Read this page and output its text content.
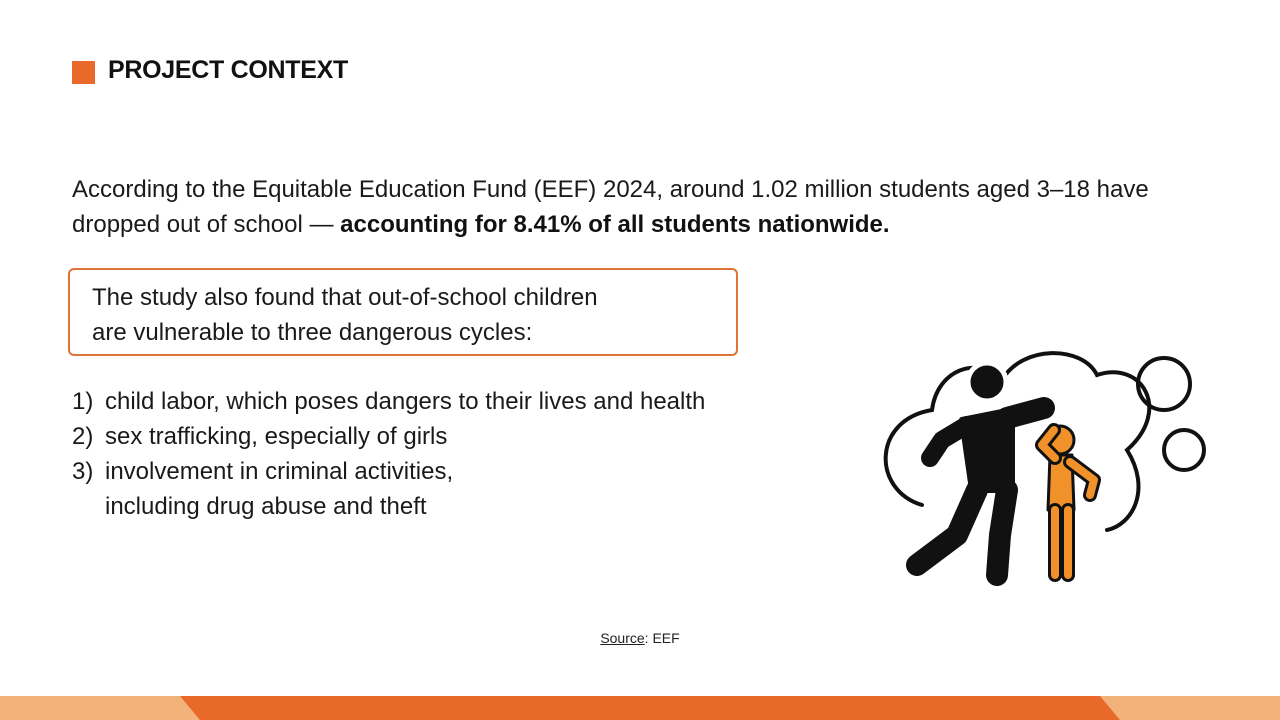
PROJECT CONTEXT
According to the Equitable Education Fund (EEF) 2024, around 1.02 million students aged 3–18 have dropped out of school — accounting for 8.41% of all students nationwide.
The study also found that out-of-school children
are vulnerable to three dangerous cycles:
1) child labor, which poses dangers to their lives and health
2) sex trafficking, especially of girls
3) involvement in criminal activities,
including drug abuse and theft
Source: EEF
